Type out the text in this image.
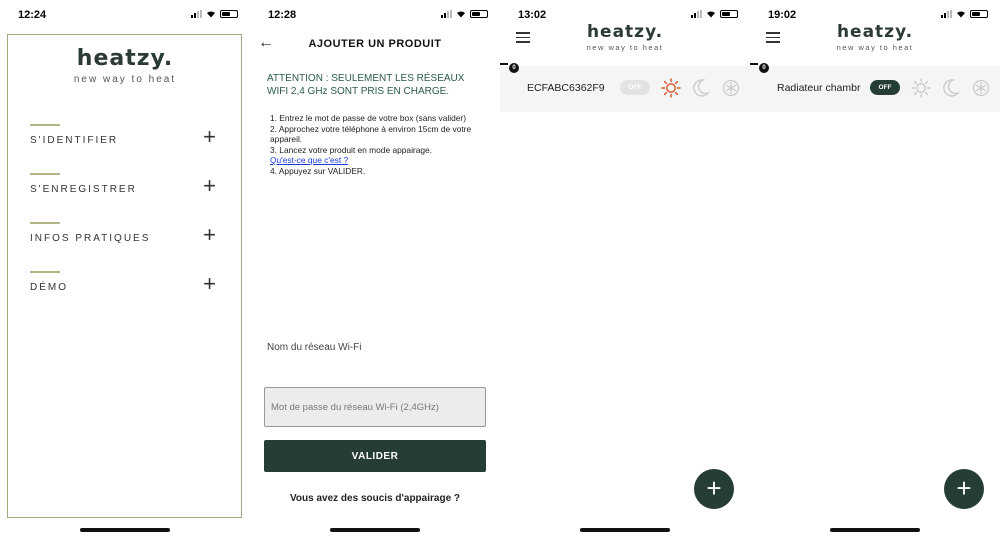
12:24
heatzy.
new way to heat
S'IDENTIFIER	+
S'ENREGISTRER	+
INFOS PRATIQUES +
DÉMO	+
12:28
←	AJOUTER UN PRODUIT
ATTENTION : SEULEMENT LES RÉSEAUX WIFI 2,4 GHz SONT PRIS EN CHARGE.
1. Entrez le mot de passe de votre box (sans valider)
2. Approchez votre téléphone à environ 15cm de votre appareil.
3. Lancez votre produit en mode appairage.
Qu'est-ce que c'est ?
4. Appuyez sur VALIDER.
Nom du réseau Wi-Fi
Mot de passe du réseau Wi-Fi (2,4GHz)
VALIDER
Vous avez des soucis d'appairage ?
13:02
heatzy.
new way to heat
0
ECFABC6362F9	OFF
+
19:02
heatzy.
new way to heat
0
Radiateur chambr	OFF
+
